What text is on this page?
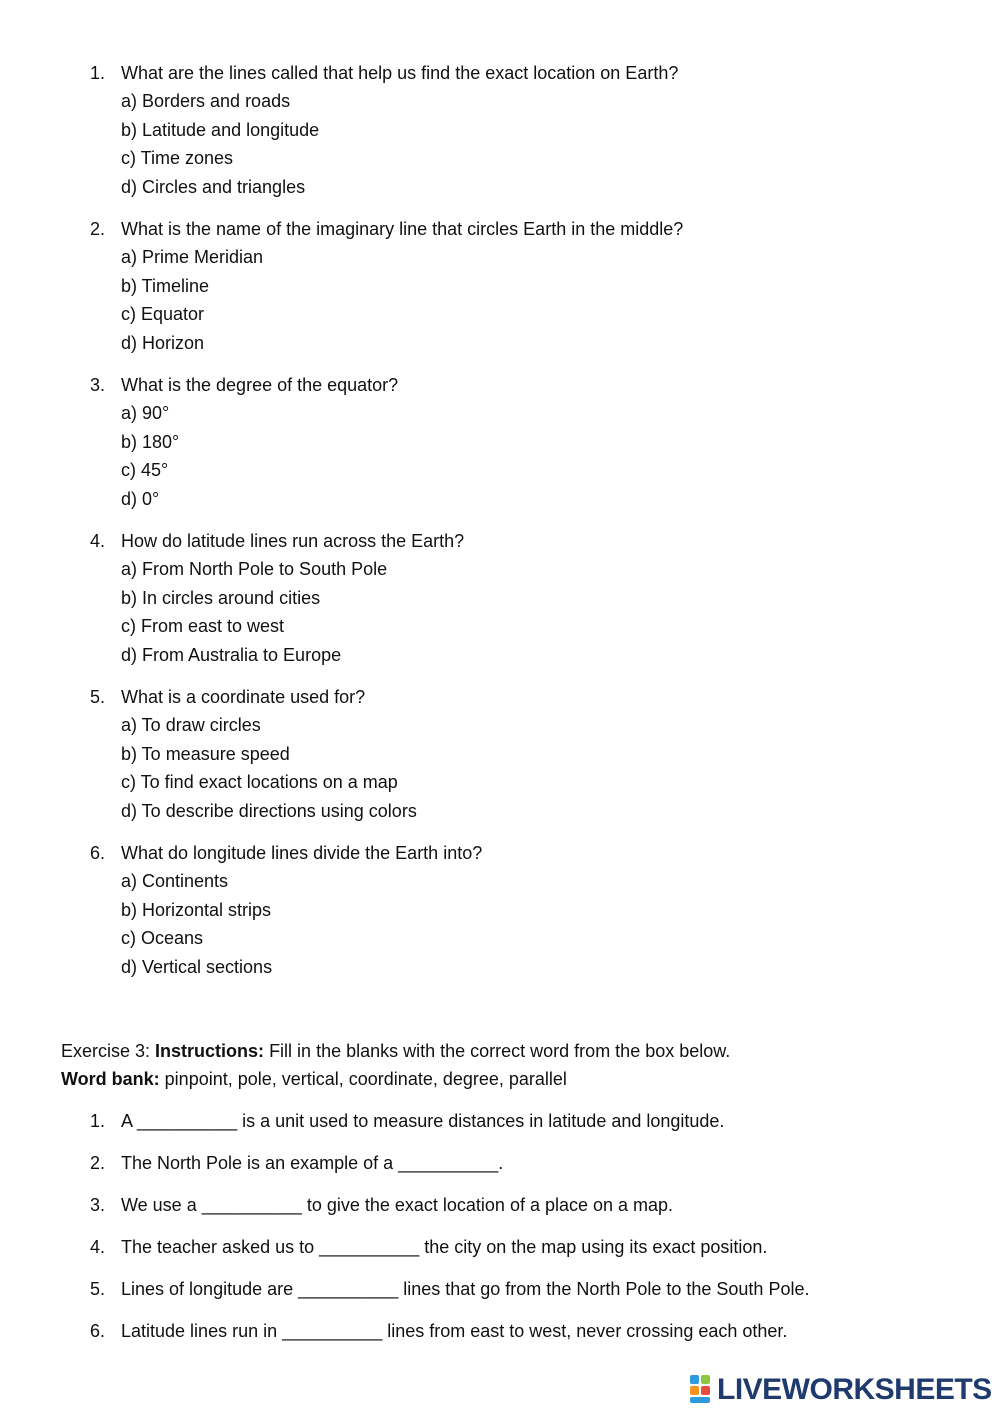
1. What are the lines called that help us find the exact location on Earth?
a) Borders and roads
b) Latitude and longitude
c) Time zones
d) Circles and triangles
2. What is the name of the imaginary line that circles Earth in the middle?
a) Prime Meridian
b) Timeline
c) Equator
d) Horizon
3. What is the degree of the equator?
a) 90°
b) 180°
c) 45°
d) 0°
4. How do latitude lines run across the Earth?
a) From North Pole to South Pole
b) In circles around cities
c) From east to west
d) From Australia to Europe
5. What is a coordinate used for?
a) To draw circles
b) To measure speed
c) To find exact locations on a map
d) To describe directions using colors
6. What do longitude lines divide the Earth into?
a) Continents
b) Horizontal strips
c) Oceans
d) Vertical sections
Exercise 3: Instructions: Fill in the blanks with the correct word from the box below.
Word bank: pinpoint, pole, vertical, coordinate, degree, parallel
1. A __________ is a unit used to measure distances in latitude and longitude.
2. The North Pole is an example of a __________.
3. We use a __________ to give the exact location of a place on a map.
4. The teacher asked us to __________ the city on the map using its exact position.
5. Lines of longitude are __________ lines that go from the North Pole to the South Pole.
6. Latitude lines run in __________ lines from east to west, never crossing each other.
LIVEWORKSHEETS
